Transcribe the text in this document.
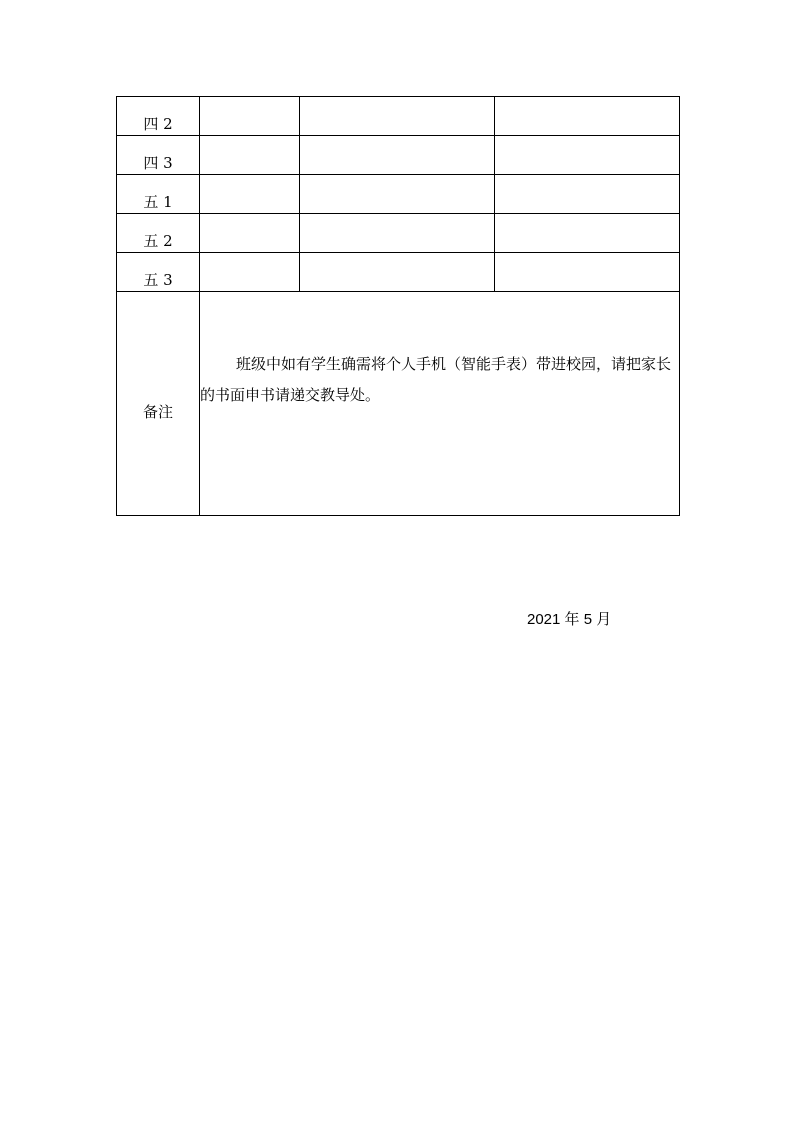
四 2			
四 3			
五 1			
五 2			
五 3			
备注	班级中如有学生确需将个人手机（智能手表）带进校园，请把家长的书面申书请递交教导处。		
2021 年 5 月
